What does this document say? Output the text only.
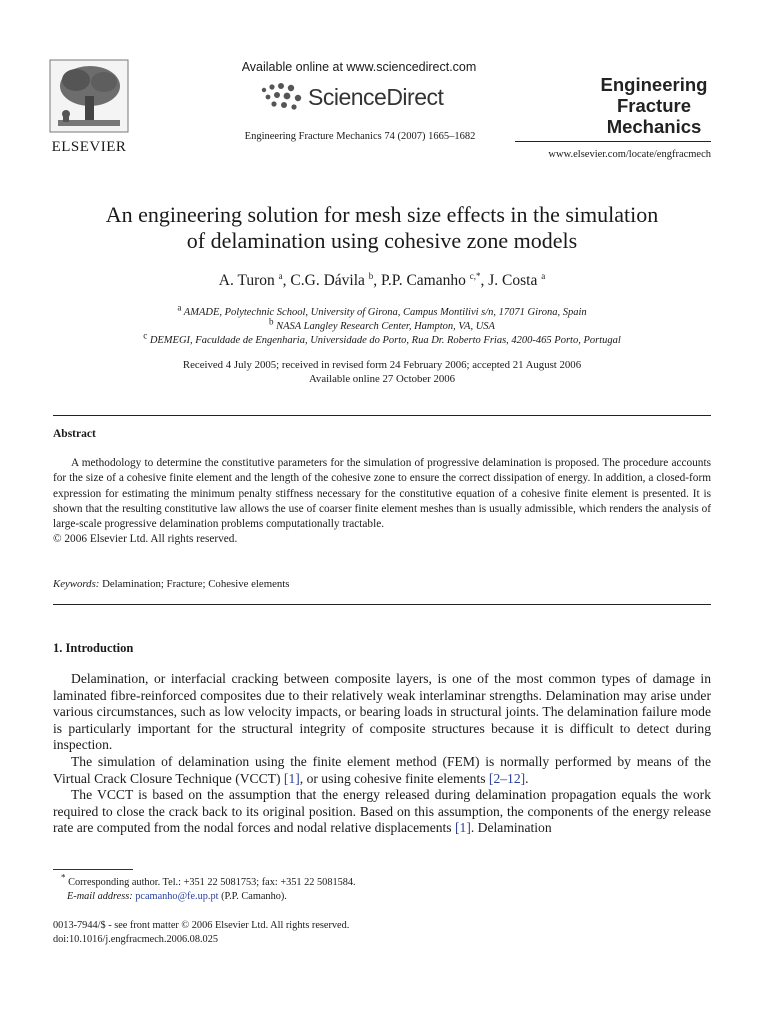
ELSEVIER
Available online at www.sciencedirect.com
ScienceDirect
Engineering Fracture Mechanics 74 (2007) 1665–1682
Engineering
Fracture
Mechanics
www.elsevier.com/locate/engfracmech
An engineering solution for mesh size effects in the simulation
of delamination using cohesive zone models
A. Turon $^a$, C.G. Dávila $^b$, P.P. Camanho $^{c,*}$, J. Costa $^a$
$^a$ AMADE, Polytechnic School, University of Girona, Campus Montilivi s/n, 17071 Girona, Spain
$^b$ NASA Langley Research Center, Hampton, VA, USA
$^c$ DEMEGI, Faculdade de Engenharia, Universidade do Porto, Rua Dr. Roberto Frias, 4200-465 Porto, Portugal
Received 4 July 2005; received in revised form 24 February 2006; accepted 21 August 2006
Available online 27 October 2006
Abstract

A methodology to determine the constitutive parameters for the simulation of progressive delamination is proposed. The procedure accounts for the size of a cohesive finite element and the length of the cohesive zone to ensure the correct dissipation of energy. In addition, a closed-form expression for estimating the minimum penalty stiffness necessary for the constitutive equation of a cohesive finite element is presented. It is shown that the resulting constitutive law allows the use of coarser finite element meshes than is usually admissible, which renders the analysis of large-scale progressive delamination problems computationally tractable.

© 2006 Elsevier Ltd. All rights reserved.
Keywords: Delamination; Fracture; Cohesive elements
1. Introduction

Delamination, or interfacial cracking between composite layers, is one of the most common types of damage in laminated fibre-reinforced composites due to their relatively weak interlaminar strengths. Delamination may arise under various circumstances, such as low velocity impacts, or bearing loads in structural joints. The delamination failure mode is particularly important for the structural integrity of composite structures because it is difficult to detect during inspection.

The simulation of delamination using the finite element method (FEM) is normally performed by means of the Virtual Crack Closure Technique (VCCT) [1], or using cohesive finite elements [2–12].

The VCCT is based on the assumption that the energy released during delamination propagation equals the work required to close the crack back to its original position. Based on this assumption, the components of the energy release rate are computed from the nodal forces and nodal relative displacements [1]. Delamination

* Corresponding author. Tel.: +351 22 5081753; fax: +351 22 5081584.
E-mail address: pcamanho@fe.up.pt (P.P. Camanho).
0013-7944/$ - see front matter © 2006 Elsevier Ltd. All rights reserved.
doi:10.1016/j.engfracmech.2006.08.025
